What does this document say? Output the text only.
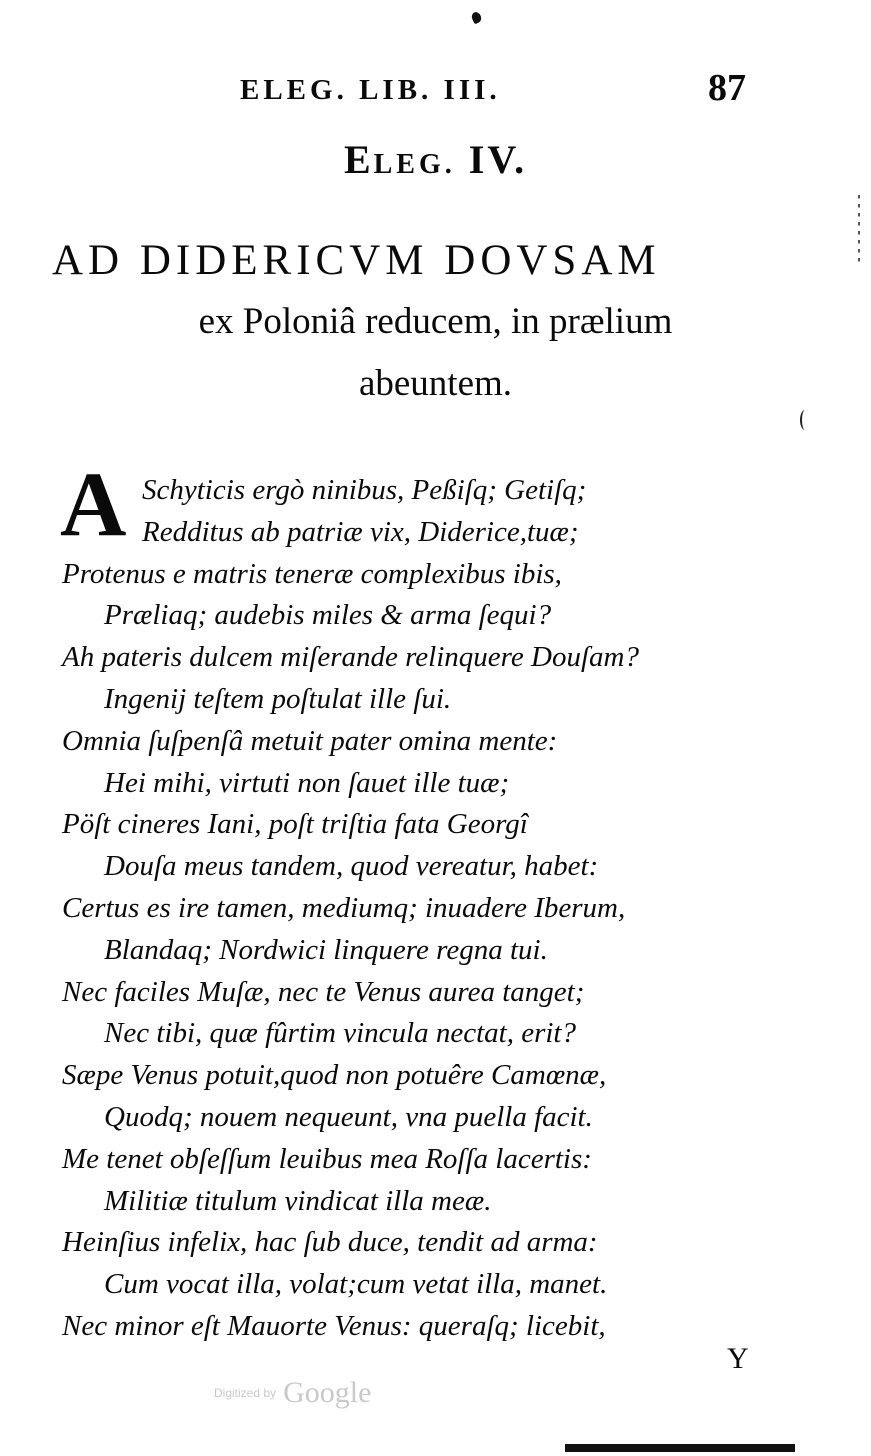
ELEG. LIB. III.	87
ELEG. IV.
AD DIDERICVM DOVSAM
ex Poloniâ reducem, in prælium
abeuntem.
A Schyticis ergò ninibus, Peßiſq; Getiſq;
Redditus ab patriæ vix, Diderice,tuæ;
Protenus e matris teneræ complexibus ibis,
Præliaq; audebis miles & arma ſequi?
Ah pateris dulcem miſerande relinquere Douſam?
Ingenij teſtem poſtulat ille ſui.
Omnia ſuſpenſâ metuit pater omina mente:
Hei mihi, virtuti non ſauet ille tuæ;
Pöſt cineres Iani, poſt triſtia fata Georgî
Douſa meus tandem, quod vereatur, habet:
Certus es ire tamen, mediumq; inuadere Iberum,
Blandaq; Nordwici linquere regna tui.
Nec faciles Muſæ, nec te Venus aurea tanget;
Nec tibi, quæ fûrtim vincula nectat, erit?
Sæpe Venus potuit,quod non potuêre Camœnæ,
Quodq; nouem nequeunt, vna puella facit.
Me tenet obſeſſum leuibus mea Roſſa lacertis:
Militiæ titulum vindicat illa meæ.
Heinſius infelix, hac ſub duce, tendit ad arma:
Cum vocat illa, volat;cum vetat illa, manet.
Nec minor eſt Mauorte Venus: queraſq; licebit,
Y
Digitized by Google
